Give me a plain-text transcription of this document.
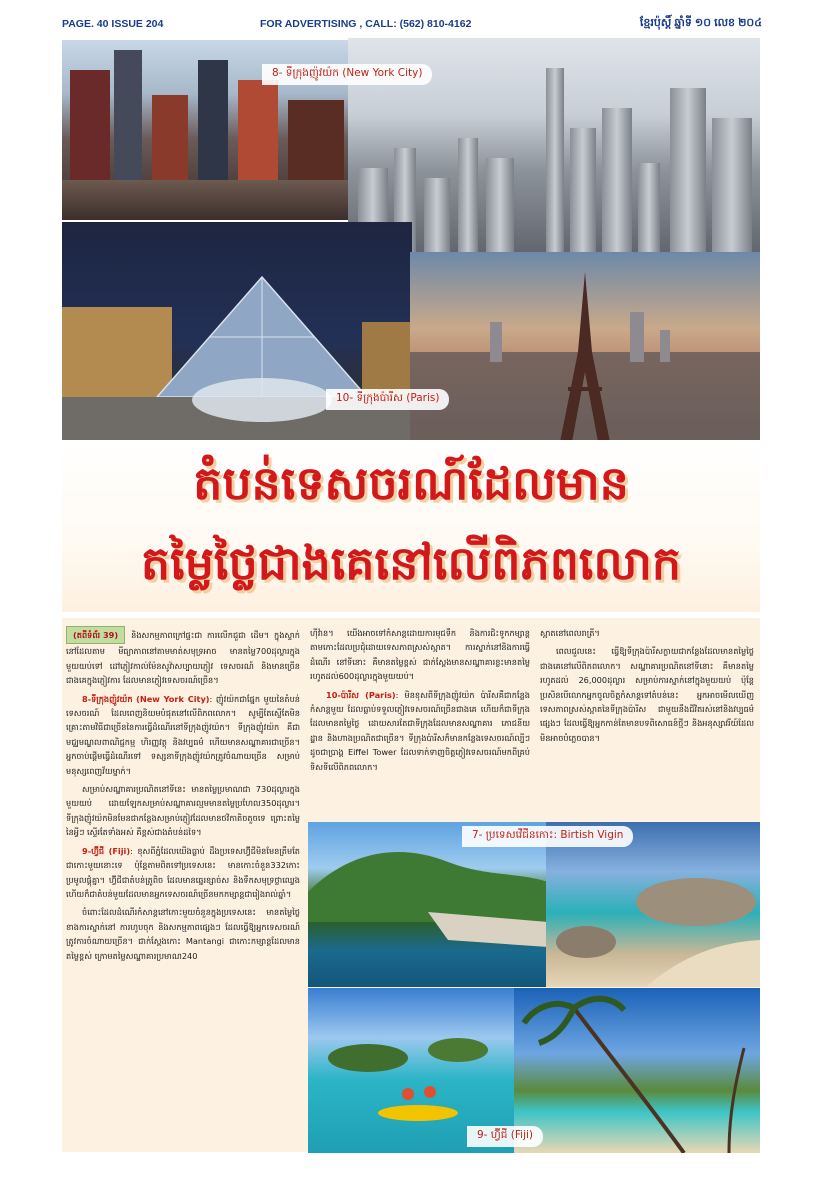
PAGE. 40 ISSUE 204	FOR ADVERTISING , CALL: (562) 810-4162	ខ្មែរប៉ុស្ដិ៍ ឆ្នាំទី ១០ លេខ ២០៤
8- ទីក្រុងញ៉ូវយ៉ក (New York City)
10- ទីក្រុងប៉ារីស (Paris)
តំបន់ទេសចរណ៍ដែលមាន
តម្លៃថ្លៃជាងគេនៅលើពិភពលោក

(តពីទំព័រ 39) និងសកម្មភាពក្រៅផ្ទះជា ការលើកជួជា ដើម។ ក្នុងស្ទាក់នៅដែលតាម មីធ្យាភាពនៅតាមមាត់សមុទ្រអាច មានតម្លៃ700ដុល្លារក្នុងមួយយប់ទៅ ដៅភ្ញៀវកាល់ម៉ែនសូវ៉ាសប្បាយភ្ញៀវ ទេសចរណ៍ និងមានច្រើនជាងគេក្នុងភ្ញៀវការ ដែលមានភ្ញៀវទេសចរណ៍ច្រើន។

8-ទីក្រុងញ៉ូវយ៉ក (New York City): ញ៉ូវយ៉កជាផ្នែក មួយនៃតំបន់ទេសចរណ៍ ដែលពេញនិយមបំផុតនៅលើពិភពលោក។ សូម្បីតែស្ទើតែមិន គ្រោះតាមវិធីជាច្រើននៃការធ្វើដំណើរនៅទីក្រុងញ៉ូវយ៉ក។ ទីក្រុងញ៉ូវយ៉ក គឺជាមជ្ឈមណ្ឌលពាណិជ្ជកម្ម ហិរញ្ញវត្ថុ និងវប្បធម៌ ហើយមានសណ្ឋាគារជាច្រើន។ អ្នកចាប់ផ្ដើមធ្វើដំណើរទៅ ទស្សនាទីក្រុងញ៉ូវយ៉កត្រូវចំណាយច្រើន សម្រាប់មនុស្សពេញវ័យម្នាក់។

សម្រាប់សណ្ឋាគារប្រណិតនៅទីនេះ មានតម្លៃប្រមាណជា 730ដុល្លារក្នុងមួយយប់ ដោយឡែកសម្រាប់សណ្ឋាគារល្មមមានតម្លៃប្រហែល350ដុល្លារ។ ទីក្រុងញ៉ូវយ៉កមិនមែនជាកន្លែងសម្រាប់ភ្ញៀវដែលមានថវិកាតិចតួចទេ ព្រោះតម្លៃនៃអ្វីៗ ស្ទើរតែទាំងអស់ គឺខ្ពស់ជាងតំបន់ដទៃ។

9-ហ៊្វីជី (Fiji): ខុសពីភ្នំដែលយើងធ្លាប់ ដឹងប្រទេសហ៊្វីជីមិនមែនត្រឹមតែជាកោះមួយនោះទេ ប៉ុន្តែតាមពិតទៅប្រទេសនេះ មានកោះចំនួន332កោះប្រមូលផ្ដុំគ្នា។ ហ៊្វីជីជាតំបន់ត្រូពិច ដែលមានឆ្នេរខ្សាច់ស និងទឹកសមុទ្រថ្លាឈ្វេង ហើយក៏ជាតំបន់មួយដែលមានអ្នកទេសចរណ៍ច្រើនមកកម្សាន្តជារៀងរាល់ឆ្នាំ។

ចំពោះដែលដំណើរកំសាន្តនៅកោះមួយចំនួនក្នុងប្រទេសនេះ មានតម្លៃថ្លៃ ខាងការស្នាក់នៅ ការហូបចុក និងសកម្មភាពផ្សេងៗ ដែលធ្វើឱ្យអ្នកទេសចរណ៍ត្រូវការចំណាយច្រើន។ ជាក់ស្ដែងកោះ Mantangi ជាកោះកម្សាន្តដែលមានតម្លៃខ្ពស់ ក្រោមតម្លៃសណ្ឋាគារប្រមាណ240

ហ៊ីវ៉ាន។ យើងអាចទៅកំសាន្តដោយការមុជទឹក និងការជិះទូកកម្សាន្តតាមកោះដែលប្រជុំដោយទេសភាពស្រស់ស្អាត។ ការស្នាក់នៅនិងការធ្វើដំណើរ នៅទីនោះ គឺមានតម្លៃខ្ពស់ ជាក់ស្ដែងមានសណ្ឋាគារខ្លះមានតម្លៃរហូតដល់600ដុល្លារក្នុងមួយយប់។

10-ប៉ារីស (Paris): មិនខុសពីទីក្រុងញ៉ូវយ៉ក ប៉ារីសគឺជាកន្លែងកំសាន្តមួយ ដែលធ្លាប់ទទួលភ្ញៀវទេសចរណ៍ច្រើនជាងគេ ហើយក៏ជាទីក្រុងដែលមានតម្លៃថ្លៃ ដោយសារតែជាទីក្រុងដែលមានសណ្ឋាគារ ភោជនីយដ្ឋាន និងហាងប្រណិតជាច្រើន។ ទីក្រុងប៉ារីសក៏មានកន្លែងទេសចរណ៍ល្បីៗ ដូចជាប្រាង្គ Eiffel Tower ដែលទាក់ទាញចិត្តភ្ញៀវទេសចរណ៍មកពីគ្រប់ទិសទីលើពិភពលោក។

ស្អាតនៅពេលរាត្រី។

ពេលជួលនេះ ធ្វើឱ្យទីក្រុងប៉ារីសក្លាយជាកន្លែងដែលមានតម្លៃថ្លៃជាងគេនៅលើពិភពលោក។ សណ្ឋាគារប្រណិតនៅទីនោះ គឺមានតម្លៃរហូតដល់ 26,000ដុល្លារ សម្រាប់ការស្នាក់នៅក្នុងមួយយប់ ប៉ុន្តែប្រសិនបើលោកអ្នកចូលចិត្តកំសាន្តទៅតំបន់នេះ អ្នកអាចមើលឃើញទេសភាពស្រស់ស្អាតនៃទីក្រុងប៉ារីស ជាមួយនឹងជីវិតរស់នៅនិងវប្បធម៌ផ្សេងៗ ដែលធ្វើឱ្យអ្នកកាន់តែមានបទពិសោធន៍ថ្មីៗ និងអនុស្សាវរីយ៍ដែលមិនអាចបំភ្លេចបាន។

7- ប្រទេសវើជីនកោះ: Birtish Vigin
9- ហ៊្វីជី (Fiji)
